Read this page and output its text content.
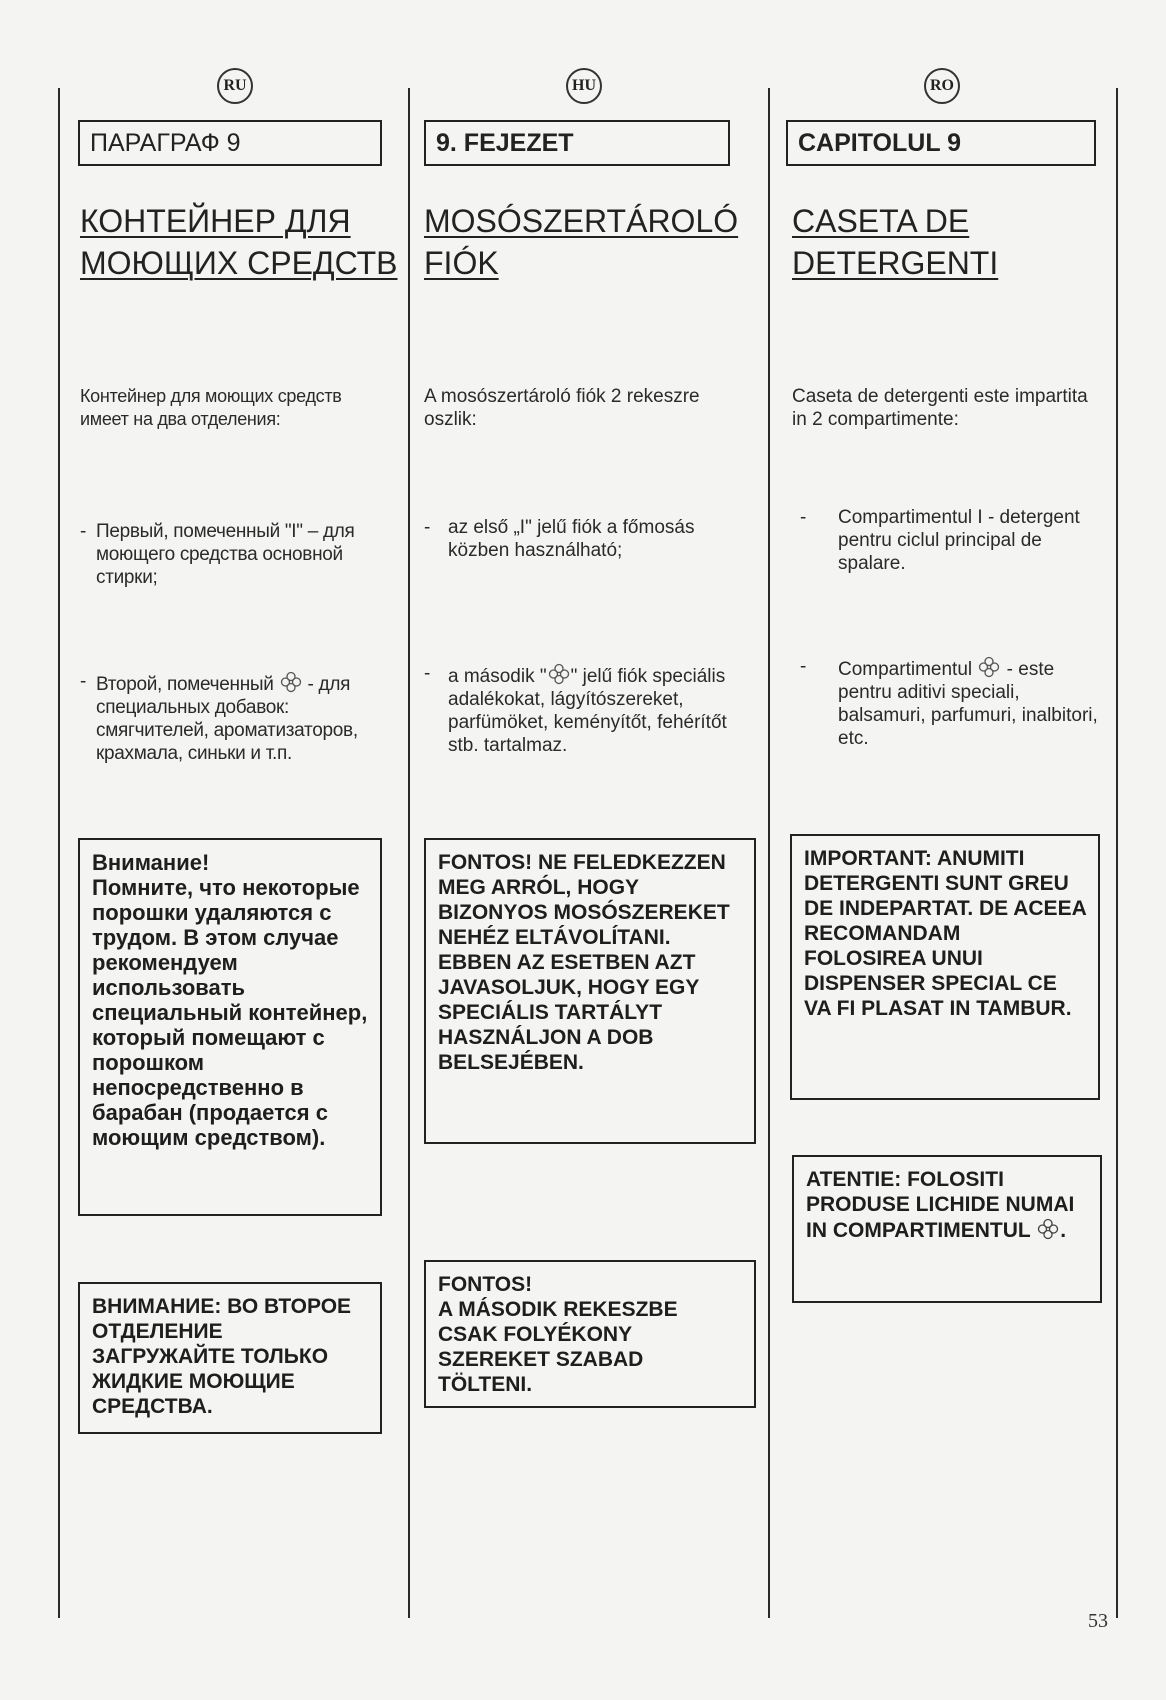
RU
ПАРАГРАФ 9
КОНТЕЙНЕР ДЛЯ
МОЮЩИХ СРЕДСТВ
Контейнер для моющих средств имеет на два отделения:
- Первый, помеченный "I" – для моющего средства основной стирки;
- Второй, помеченный - для специальных добавок: смягчителей, ароматизаторов, крахмала, синьки и т.п.
Внимание!
Помните, что некоторые порошки удаляются с трудом. В этом случае рекомендуем использовать специальный контейнер, который помещают с порошком непосредственно в барабан (продается с моющим средством).
ВНИМАНИЕ: ВО ВТОРОЕ ОТДЕЛЕНИЕ ЗАГРУЖАЙТЕ ТОЛЬКО ЖИДКИЕ МОЮЩИЕ СРЕДСТВА.
HU
9. FEJEZET
MOSÓSZERTÁROLÓ
FIÓK
A mosószertároló fiók 2 rekeszre oszlik:
- az első „I" jelű fiók a főmosás közben használható;
- a második " " jelű fiók speciális adalékokat, lágyítószereket, parfümöket, keményítőt, fehérítőt stb. tartalmaz.
FONTOS! NE FELEDKEZZEN MEG ARRÓL, HOGY BIZONYOS MOSÓSZEREKET NEHÉZ ELTÁVOLÍTANI. EBBEN AZ ESETBEN AZT JAVASOLJUK, HOGY EGY SPECIÁLIS TARTÁLYT HASZNÁLJON A DOB BELSEJÉBEN.
FONTOS!
A MÁSODIK REKESZBE CSAK FOLYÉKONY SZEREKET SZABAD TÖLTENI.
RO
CAPITOLUL 9
CASETA DE
DETERGENTI
Caseta de detergenti este impartita in 2 compartimente:
-	Compartimentul I - detergent pentru ciclul principal de spalare.
-	Compartimentul - este pentru aditivi speciali, balsamuri, parfumuri, inalbitori, etc.
IMPORTANT: ANUMITI DETERGENTI SUNT GREU DE INDEPARTAT. DE ACEEA RECOMANDAM FOLOSIREA UNUI DISPENSER SPECIAL CE VA FI PLASAT IN TAMBUR.
ATENTIE: FOLOSITI PRODUSE LICHIDE NUMAI IN COMPARTIMENTUL .
53
